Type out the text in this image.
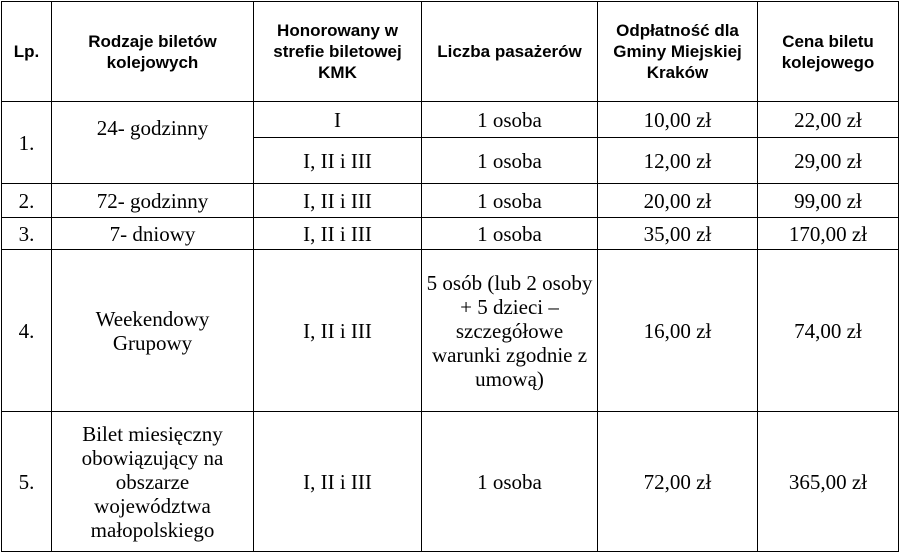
Lp.	Rodzaje biletów kolejowych	Honorowany w strefie biletowej KMK	Liczba pasażerów	Odpłatność dla Gminy Miejskiej Kraków	Cena biletu kolejowego
1.	24- godzinny	I	1 osoba	10,00 zł	22,00 zł
		I, II i III	1 osoba	12,00 zł	29,00 zł
2.	72- godzinny	I, II i III	1 osoba	20,00 zł	99,00 zł
3.	7- dniowy	I, II i III	1 osoba	35,00 zł	170,00 zł
4.	Weekendowy Grupowy	I, II i III	5 osób (lub 2 osoby + 5 dzieci – szczegółowe warunki zgodnie z umową)	16,00 zł	74,00 zł
5.	Bilet miesięczny obowiązujący na obszarze województwa małopolskiego	I, II i III	1 osoba	72,00 zł	365,00 zł
